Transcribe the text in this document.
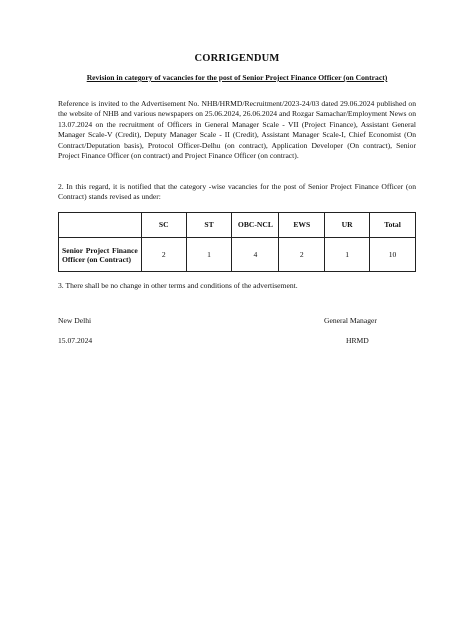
CORRIGENDUM
Revision in category of vacancies for the post of Senior Project Finance Officer (on Contract)

Reference is invited to the Advertisement No. NHB/HRMD/Recruitment/2023-24/03 dated 29.06.2024 published on the website of NHB and various newspapers on 25.06.2024, 26.06.2024 and Rozgar Samachar/Employment News on 13.07.2024 on the recruitment of Officers in General Manager Scale - VII (Project Finance), Assistant General Manager Scale-V (Credit), Deputy Manager Scale - II (Credit), Assistant Manager Scale-I, Chief Economist (On Contract/Deputation basis), Protocol Officer-Delhu (on contract), Application Developer (On contract), Senior Project Finance Officer (on contract) and Project Finance Officer (on contract).

2. In this regard, it is notified that the category -wise vacancies for the post of Senior Project Finance Officer (on Contract) stands revised as under:

	SC	ST	OBC-NCL	EWS	UR	Total
Senior Project Finance Officer (on Contract)	2	1	4	2	1	10

3. There shall be no change in other terms and conditions of the advertisement.

New Delhi
15.07.2024
General Manager
HRMD
